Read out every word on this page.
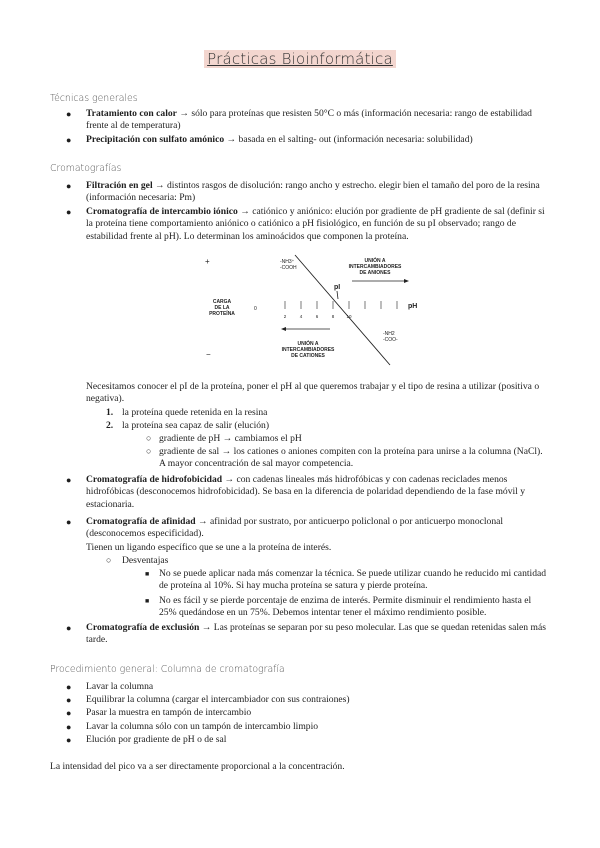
Prácticas Bioinformática
Técnicas generales
● Tratamiento con calor → sólo para proteínas que resisten 50°C o más (información necesaria: rango de estabilidad frente al de temperatura)
● Precipitación con sulfato amónico → basada en el salting- out (información necesaria: solubilidad)
Cromatografías
● Filtración en gel → distintos rasgos de disolución: rango ancho y estrecho. elegir bien el tamaño del poro de la resina (información necesaria: Pm)
● Cromatografía de intercambio iónico → catiónico y aniónico: elución por gradiente de pH gradiente de sal (definir si la proteína tiene comportamiento aniónico o catiónico a pH fisiológico, en función de su pI observado; rango de estabilidad frente al pH). Lo determinan los aminoácidos que componen la proteína.
+
−
CARGA
DE LA
PROTEÍNA
0
-NH3⁺
-COOH
UNIÓN A
INTERCAMBIADORES
DE ANIONES
pI
pH
2	4	6	8	10
UNIÓN A
INTERCAMBIADORES
DE CATIONES
-NH2
-COO-
Necesitamos conocer el pI de la proteína, poner el pH al que queremos trabajar y el tipo de resina a utilizar (positiva o negativa).
1. la proteína quede retenida en la resina
2. la proteína sea capaz de salir (elución)
○ gradiente de pH → cambiamos el pH
○ gradiente de sal → los cationes o aniones compiten con la proteína para unirse a la columna (NaCl). A mayor concentración de sal mayor competencia.
● Cromatografía de hidrofobicidad → con cadenas lineales más hidrofóbicas y con cadenas reciclades menos hidrofóbicas (desconocemos hidrofobicidad). Se basa en la diferencia de polaridad dependiendo de la fase móvil y estacionaria.
● Cromatografía de afinidad → afinidad por sustrato, por anticuerpo policlonal o por anticuerpo monoclonal (desconocemos especificidad).
Tienen un ligando específico que se une a la proteína de interés.
○ Desventajas
■ No se puede aplicar nada más comenzar la técnica. Se puede utilizar cuando he reducido mi cantidad de proteína al 10%. Si hay mucha proteína se satura y pierde proteína.
■ No es fácil y se pierde porcentaje de enzima de interés. Permite disminuir el rendimiento hasta el 25% quedándose en un 75%. Debemos intentar tener el máximo rendimiento posible.
● Cromatografía de exclusión → Las proteínas se separan por su peso molecular. Las que se quedan retenidas salen más tarde.
Procedimiento general: Columna de cromatografía
● Lavar la columna
● Equilibrar la columna (cargar el intercambiador con sus contraiones)
● Pasar la muestra en tampón de intercambio
● Lavar la columna sólo con un tampón de intercambio limpio
● Elución por gradiente de pH o de sal
La intensidad del pico va a ser directamente proporcional a la concentración.
